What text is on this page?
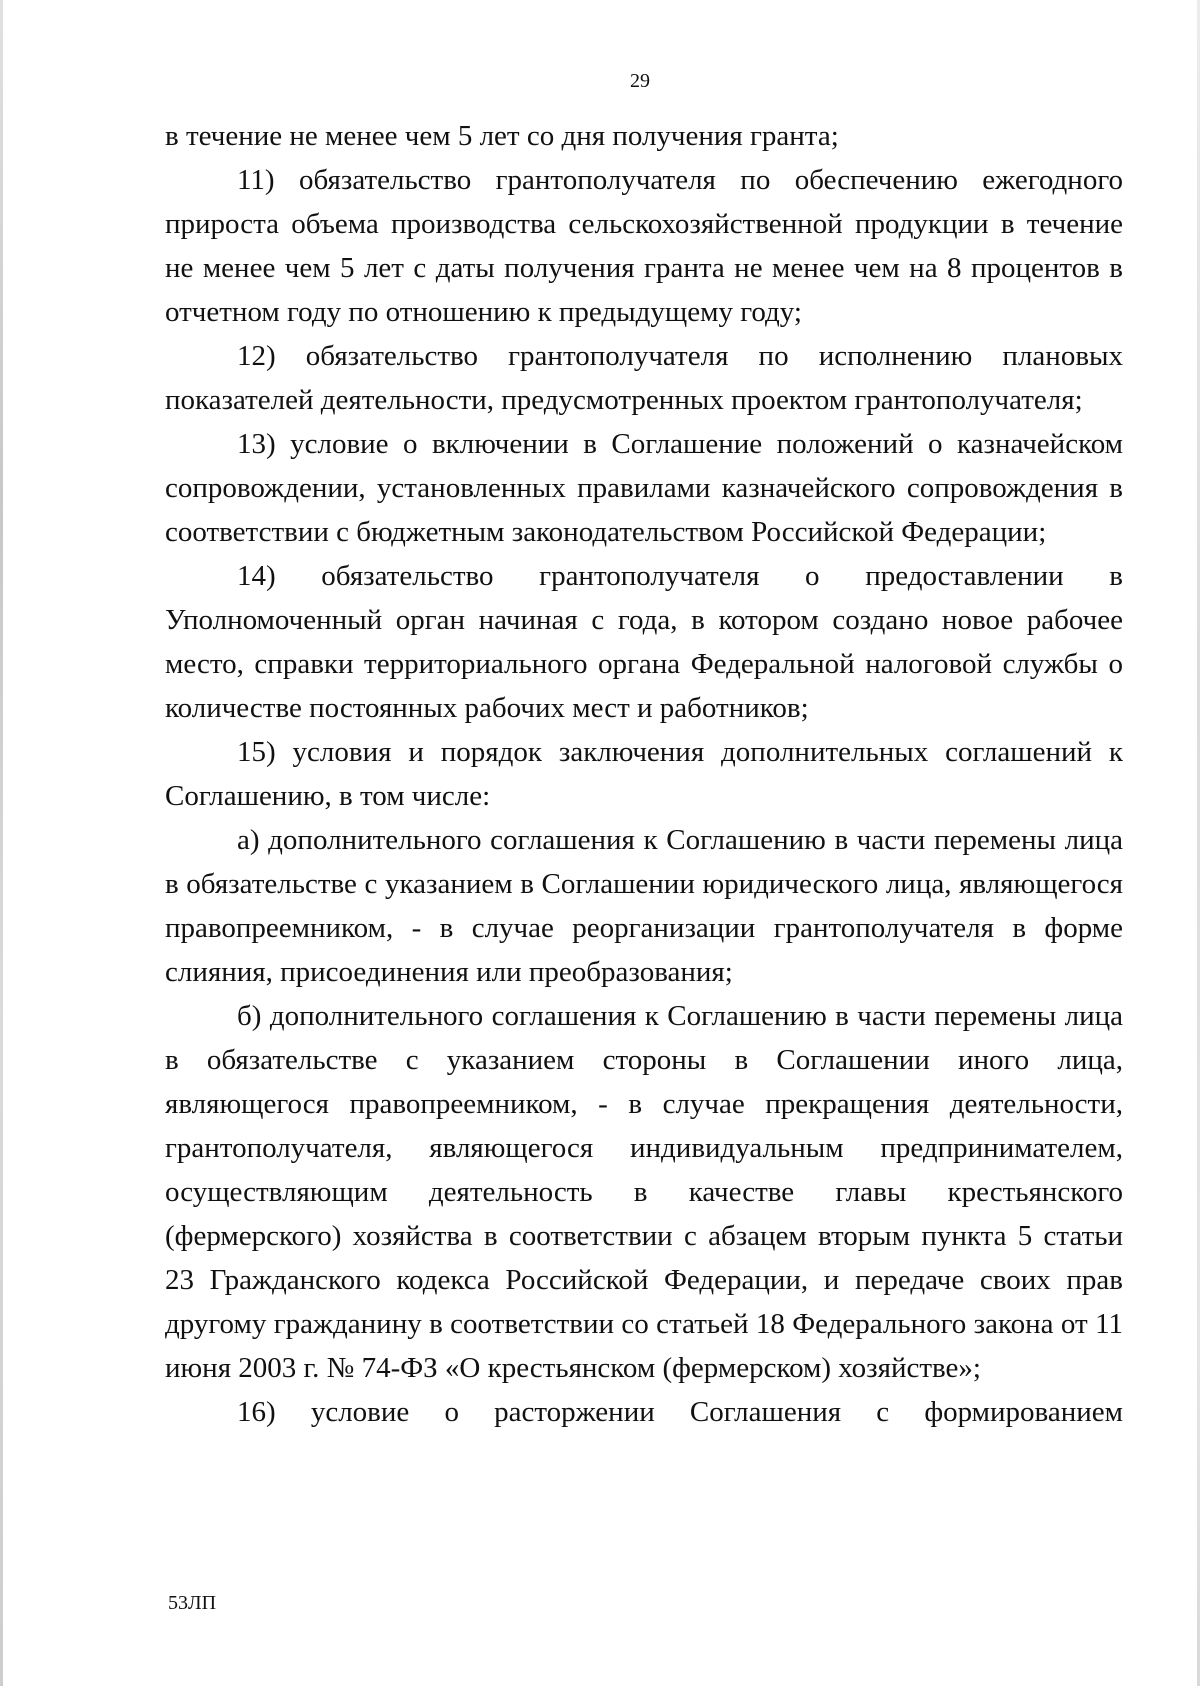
29

в течение не менее чем 5 лет со дня получения гранта;

11) обязательство грантополучателя по обеспечению ежегодного прироста объема производства сельскохозяйственной продукции в течение не менее чем 5 лет с даты получения гранта не менее чем на 8 процентов в отчетном году по отношению к предыдущему году;

12) обязательство грантополучателя по исполнению плановых показателей деятельности, предусмотренных проектом грантополучателя;

13) условие о включении в Соглашение положений о казначейском сопровождении, установленных правилами казначейского сопровождения в соответствии с бюджетным законодательством Российской Федерации;

14) обязательство грантополучателя о предоставлении в Уполномоченный орган начиная с года, в котором создано новое рабочее место, справки территориального органа Федеральной налоговой службы о количестве постоянных рабочих мест и работников;

15) условия и порядок заключения дополнительных соглашений к Соглашению, в том числе:

а) дополнительного соглашения к Соглашению в части перемены лица в обязательстве с указанием в Соглашении юридического лица, являющегося правопреемником, - в случае реорганизации грантополучателя в форме слияния, присоединения или преобразования;

б) дополнительного соглашения к Соглашению в части перемены лица в обязательстве с указанием стороны в Соглашении иного лица, являющегося правопреемником, - в случае прекращения деятельности, грантополучателя, являющегося индивидуальным предпринимателем, осуществляющим деятельность в качестве главы крестьянского (фермерского) хозяйства в соответствии с абзацем вторым пункта 5 статьи 23 Гражданского кодекса Российской Федерации, и передаче своих прав другому гражданину в соответствии со статьей 18 Федерального закона от 11 июня 2003 г. № 74-ФЗ «О крестьянском (фермерском) хозяйстве»;

16) условие о расторжении Соглашения с формированием

53ЛП
